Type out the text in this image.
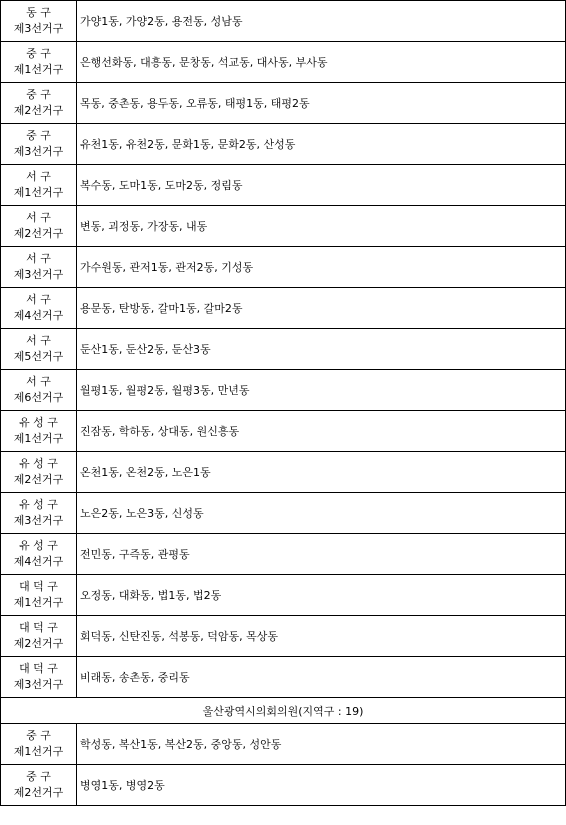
동 구
제3선거구	가양1동, 가양2동, 용전동, 성남동
중 구
제1선거구	은행선화동, 대흥동, 문창동, 석교동, 대사동, 부사동
중 구
제2선거구	목동, 중촌동, 용두동, 오류동, 태평1동, 태평2동
중 구
제3선거구	유천1동, 유천2동, 문화1동, 문화2동, 산성동
서 구
제1선거구	복수동, 도마1동, 도마2동, 정림동
서 구
제2선거구	변동, 괴정동, 가장동, 내동
서 구
제3선거구	가수원동, 관저1동, 관저2동, 기성동
서 구
제4선거구	용문동, 탄방동, 갈마1동, 갈마2동
서 구
제5선거구	둔산1동, 둔산2동, 둔산3동
서 구
제6선거구	월평1동, 월평2동, 월평3동, 만년동
유 성 구
제1선거구	진잠동, 학하동, 상대동, 원신흥동
유 성 구
제2선거구	온천1동, 온천2동, 노은1동
유 성 구
제3선거구	노은2동, 노은3동, 신성동
유 성 구
제4선거구	전민동, 구즉동, 관평동
대 덕 구
제1선거구	오정동, 대화동, 법1동, 법2동
대 덕 구
제2선거구	회덕동, 신탄진동, 석봉동, 덕암동, 목상동
대 덕 구
제3선거구	비래동, 송촌동, 중리동
울산광역시의회의원(지역구 : 19)	
중 구
제1선거구	학성동, 복산1동, 복산2동, 중앙동, 성안동
중 구
제2선거구	병영1동, 병영2동
